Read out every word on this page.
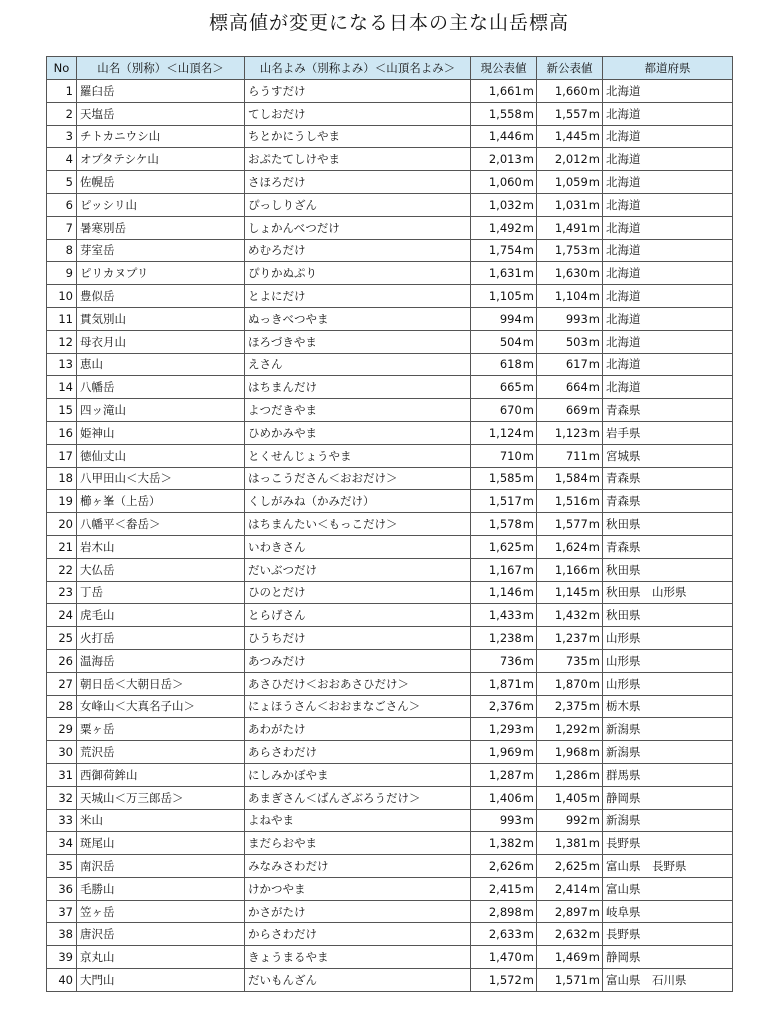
標高値が変更になる日本の主な山岳標高
No	山名（別称）＜山頂名＞	山名よみ（別称よみ）＜山頂名よみ＞	現公表値	新公表値	都道府県
1	羅臼岳	らうすだけ	1,661m	1,660m	北海道
2	天塩岳	てしおだけ	1,558m	1,557m	北海道
3	チトカニウシ山	ちとかにうしやま	1,446m	1,445m	北海道
4	オプタテシケ山	おぷたてしけやま	2,013m	2,012m	北海道
5	佐幌岳	さほろだけ	1,060m	1,059m	北海道
6	ピッシリ山	ぴっしりざん	1,032m	1,031m	北海道
7	暑寒別岳	しょかんべつだけ	1,492m	1,491m	北海道
8	芽室岳	めむろだけ	1,754m	1,753m	北海道
9	ピリカヌプリ	ぴりかぬぷり	1,631m	1,630m	北海道
10	豊似岳	とよにだけ	1,105m	1,104m	北海道
11	貫気別山	ぬっきべつやま	994m	993m	北海道
12	母衣月山	ほろづきやま	504m	503m	北海道
13	恵山	えさん	618m	617m	北海道
14	八幡岳	はちまんだけ	665m	664m	北海道
15	四ッ滝山	よつだきやま	670m	669m	青森県
16	姫神山	ひめかみやま	1,124m	1,123m	岩手県
17	徳仙丈山	とくせんじょうやま	710m	711m	宮城県
18	八甲田山＜大岳＞	はっこうださん＜おおだけ＞	1,585m	1,584m	青森県
19	櫛ヶ峯（上岳）	くしがみね（かみだけ）	1,517m	1,516m	青森県
20	八幡平＜畚岳＞	はちまんたい＜もっこだけ＞	1,578m	1,577m	秋田県
21	岩木山	いわきさん	1,625m	1,624m	青森県
22	大仏岳	だいぶつだけ	1,167m	1,166m	秋田県
23	丁岳	ひのとだけ	1,146m	1,145m	秋田県　山形県
24	虎毛山	とらげさん	1,433m	1,432m	秋田県
25	火打岳	ひうちだけ	1,238m	1,237m	山形県
26	温海岳	あつみだけ	736m	735m	山形県
27	朝日岳＜大朝日岳＞	あさひだけ＜おおあさひだけ＞	1,871m	1,870m	山形県
28	女峰山＜大真名子山＞	にょほうさん＜おおまなごさん＞	2,376m	2,375m	栃木県
29	粟ヶ岳	あわがたけ	1,293m	1,292m	新潟県
30	荒沢岳	あらさわだけ	1,969m	1,968m	新潟県
31	西御荷鉾山	にしみかぼやま	1,287m	1,286m	群馬県
32	天城山＜万三郎岳＞	あまぎさん＜ばんざぶろうだけ＞	1,406m	1,405m	静岡県
33	米山	よねやま	993m	992m	新潟県
34	斑尾山	まだらおやま	1,382m	1,381m	長野県
35	南沢岳	みなみさわだけ	2,626m	2,625m	富山県　長野県
36	毛勝山	けかつやま	2,415m	2,414m	富山県
37	笠ヶ岳	かさがたけ	2,898m	2,897m	岐阜県
38	唐沢岳	からさわだけ	2,633m	2,632m	長野県
39	京丸山	きょうまるやま	1,470m	1,469m	静岡県
40	大門山	だいもんざん	1,572m	1,571m	富山県　石川県
